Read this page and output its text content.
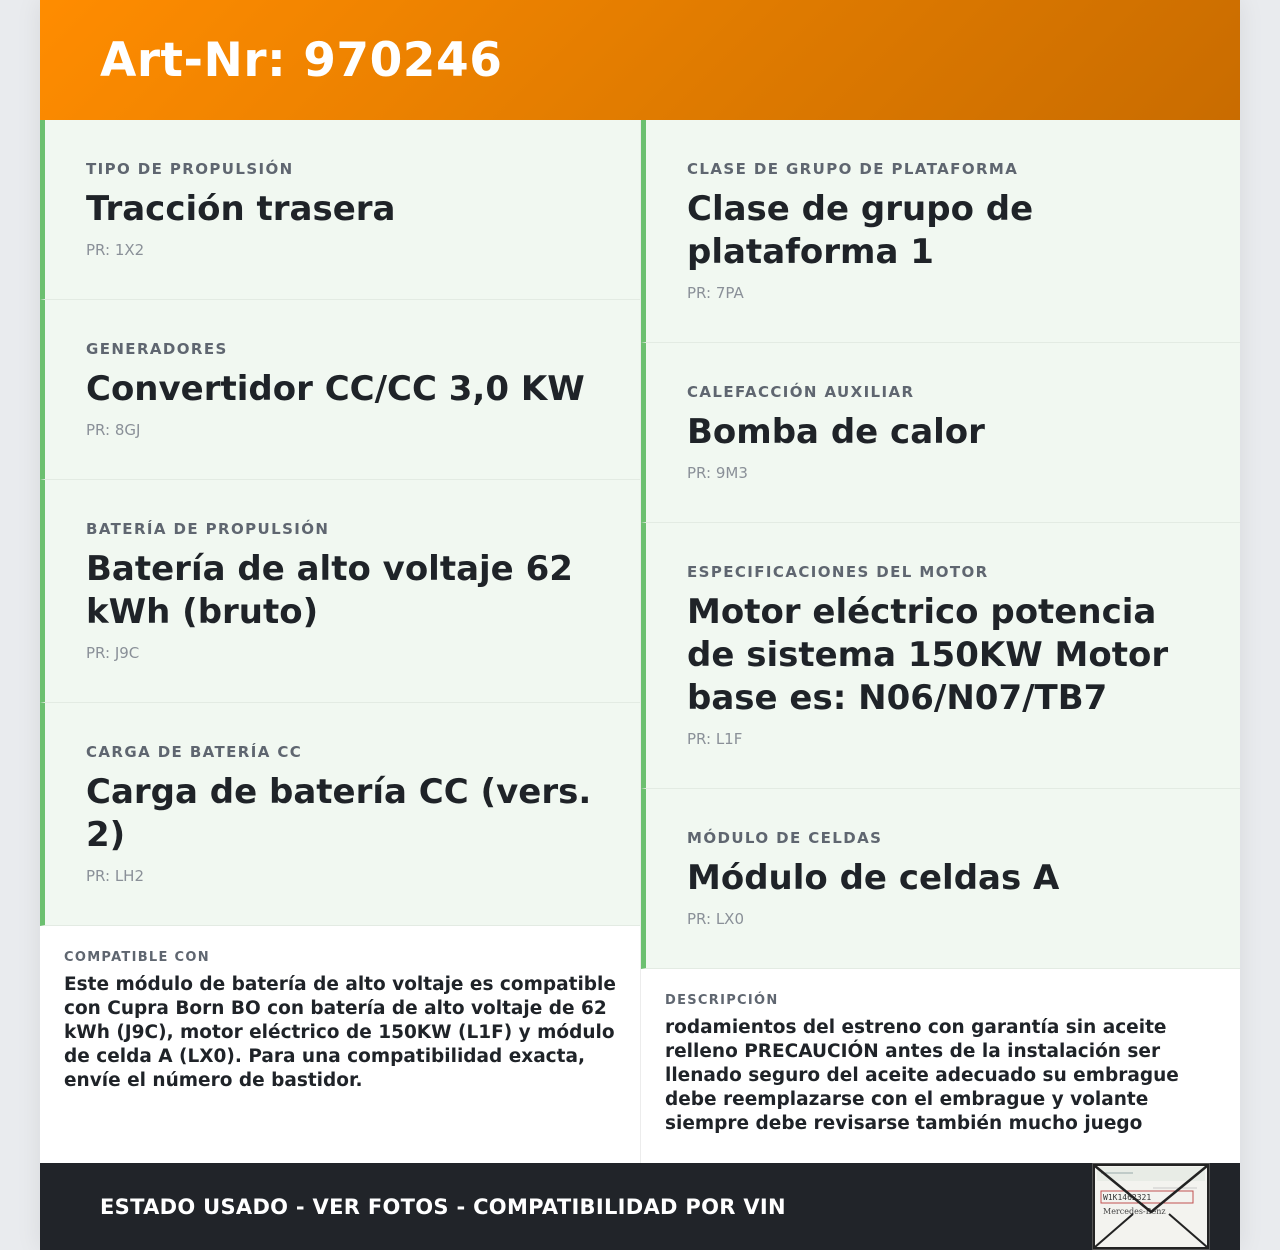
Art-Nr: 970246
TIPO DE PROPULSIÓN
Tracción trasera
PR: 1X2
GENERADORES
Convertidor CC/CC 3,0 KW
PR: 8GJ
BATERÍA DE PROPULSIÓN
Batería de alto voltaje 62 kWh (bruto)
PR: J9C
CARGA DE BATERÍA CC
Carga de batería CC (vers. 2)
PR: LH2
COMPATIBLE CON
Este módulo de batería de alto voltaje es compatible con Cupra Born BO con batería de alto voltaje de 62 kWh (J9C), motor eléctrico de 150KW (L1F) y módulo de celda A (LX0). Para una compatibilidad exacta, envíe el número de bastidor.
CLASE DE GRUPO DE PLATAFORMA
Clase de grupo de plataforma 1
PR: 7PA
CALEFACCIÓN AUXILIAR
Bomba de calor
PR: 9M3
ESPECIFICACIONES DEL MOTOR
Motor eléctrico potencia de sistema 150KW Motor base es: N06/N07/TB7
PR: L1F
MÓDULO DE CELDAS
Módulo de celdas A
PR: LX0
DESCRIPCIÓN
rodamientos del estreno con garantía sin aceite relleno PRECAUCIÓN antes de la instalación ser llenado seguro del aceite adecuado su embrague debe reemplazarse con el embrague y volante siempre debe revisarse también mucho juego
ESTADO USADO - VER FOTOS - COMPATIBILIDAD POR VIN	W1K1462321
Mercedes-Benz
